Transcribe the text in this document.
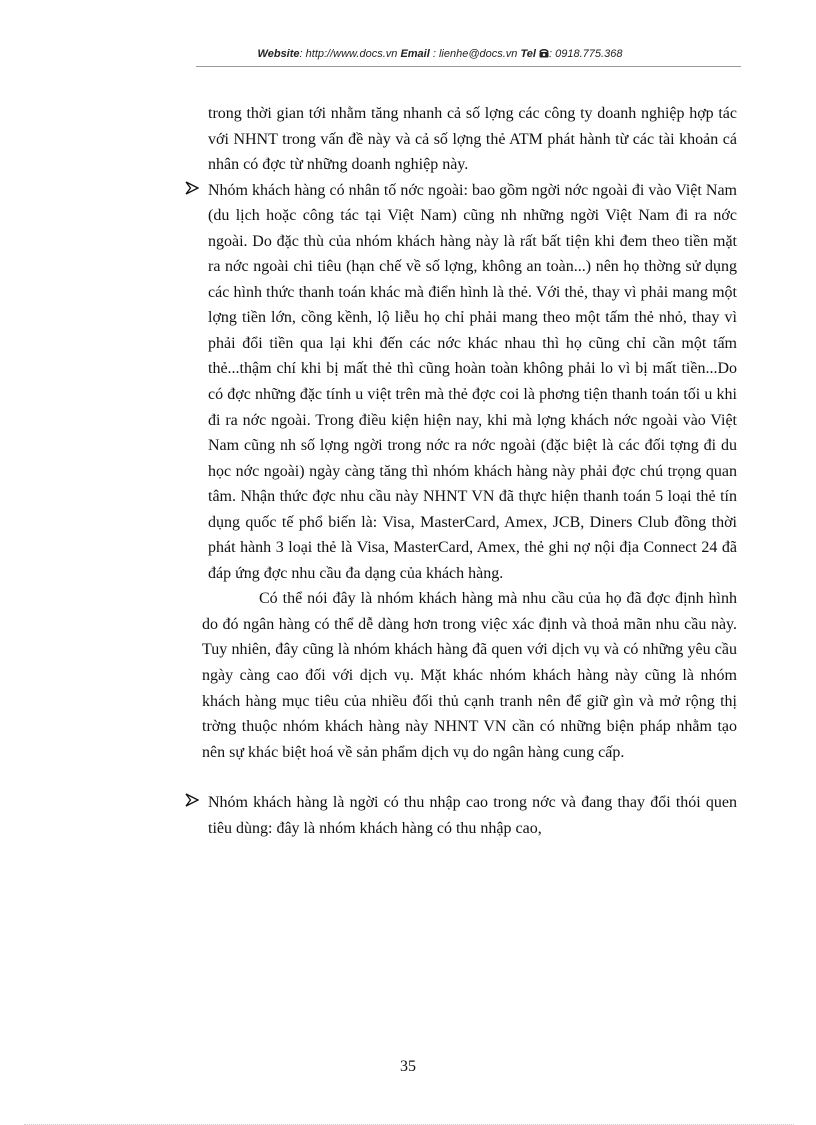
Website: http://www.docs.vn Email : lienhe@docs.vn Tel : 0918.775.368
trong thời gian tới nhằm tăng nhanh cả số lợng các công ty doanh nghiệp hợp tác với NHNT trong vấn đề này và cả số lợng thẻ ATM phát hành từ các tài khoản cá nhân có đợc từ những doanh nghiệp này.
Nhóm khách hàng có nhân tố nớc ngoài: bao gồm ngời nớc ngoài đi vào Việt Nam (du lịch hoặc công tác tại Việt Nam) cũng nh những ngời Việt Nam đi ra nớc ngoài. Do đặc thù của nhóm khách hàng này là rất bất tiện khi đem theo tiền mặt ra nớc ngoài chi tiêu (hạn chế về số lợng, không an toàn...) nên họ thờng sử dụng các hình thức thanh toán khác mà điển hình là thẻ. Với thẻ, thay vì phải mang một lợng tiền lớn, cồng kềnh, lộ liễu họ chỉ phải mang theo một tấm thẻ nhỏ, thay vì phải đổi tiền qua lại khi đến các nớc khác nhau thì họ cũng chỉ cần một tấm thẻ...thậm chí khi bị mất thẻ thì cũng hoàn toàn không phải lo vì bị mất tiền...Do có đợc những đặc tính u việt trên mà thẻ đợc coi là phơng tiện thanh toán tối u khi đi ra nớc ngoài. Trong điều kiện hiện nay, khi mà lợng khách nớc ngoài vào Việt Nam cũng nh số lợng ngời trong nớc ra nớc ngoài (đặc biệt là các đối tợng đi du học nớc ngoài) ngày càng tăng thì nhóm khách hàng này phải đợc chú trọng quan tâm. Nhận thức đợc nhu cầu này NHNT VN đã thực hiện thanh toán 5 loại thẻ tín dụng quốc tế phổ biến là: Visa, MasterCard, Amex, JCB, Diners Club đồng thời phát hành 3 loại thẻ là Visa, MasterCard, Amex, thẻ ghi nợ nội địa Connect 24 đã đáp ứng đợc nhu cầu đa dạng của khách hàng.
Có thể nói đây là nhóm khách hàng mà nhu cầu của họ đã đợc định hình do đó ngân hàng có thể dễ dàng hơn trong việc xác định và thoả mãn nhu cầu này. Tuy nhiên, đây cũng là nhóm khách hàng đã quen với dịch vụ và có những yêu cầu ngày càng cao đối với dịch vụ. Mặt khác nhóm khách hàng này cũng là nhóm khách hàng mục tiêu của nhiều đối thủ cạnh tranh nên để giữ gìn và mở rộng thị trờng thuộc nhóm khách hàng này NHNT VN cần có những biện pháp nhằm tạo nên sự khác biệt hoá về sản phẩm dịch vụ do ngân hàng cung cấp.
Nhóm khách hàng là ngời có thu nhập cao trong nớc và đang thay đổi thói quen tiêu dùng: đây là nhóm khách hàng có thu nhập cao,
35
